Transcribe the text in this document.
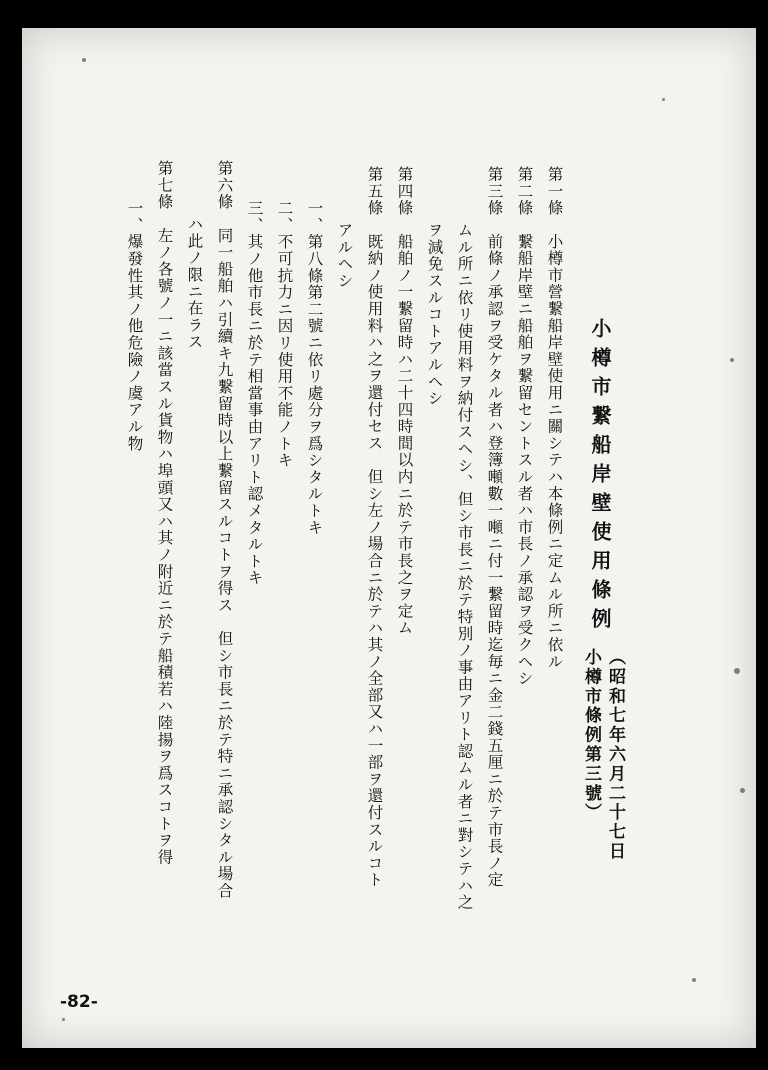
小樽市繋船岸壁使用條例
（昭和七年六月二十七日
小樽市條例第三號）
第一條　小樽市營繋船岸壁使用ニ關シテハ本條例ニ定ムル所ニ依ル
第二條　繋船岸壁ニ船舶ヲ繋留セントスル者ハ市長ノ承認ヲ受クヘシ
第三條　前條ノ承認ヲ受ケタル者ハ登簿噸數一噸ニ付一繋留時迄毎ニ金二錢五厘ニ於テ市長ノ定
ムル所ニ依リ使用料ヲ納付スヘシ、但シ市長ニ於テ特別ノ事由アリト認ムル者ニ對シテハ之
ヲ減免スルコトアルヘシ
第四條　船舶ノ一繋留時ハ二十四時間以内ニ於テ市長之ヲ定ム
第五條　既納ノ使用料ハ之ヲ還付セス　但シ左ノ場合ニ於テハ其ノ全部又ハ一部ヲ還付スルコト
アルヘシ
一、第八條第二號ニ依リ處分ヲ爲シタルトキ
二、不可抗力ニ因リ使用不能ノトキ
三、其ノ他市長ニ於テ相當事由アリト認メタルトキ
第六條　同一船舶ハ引續キ九繋留時以上繋留スルコトヲ得ス　但シ市長ニ於テ特ニ承認シタル場合
ハ此ノ限ニ在ラス
第七條　左ノ各號ノ一ニ該當スル貨物ハ埠頭又ハ其ノ附近ニ於テ船積若ハ陸揚ヲ爲スコトヲ得
一、爆發性其ノ他危險ノ虞アル物
-82-
